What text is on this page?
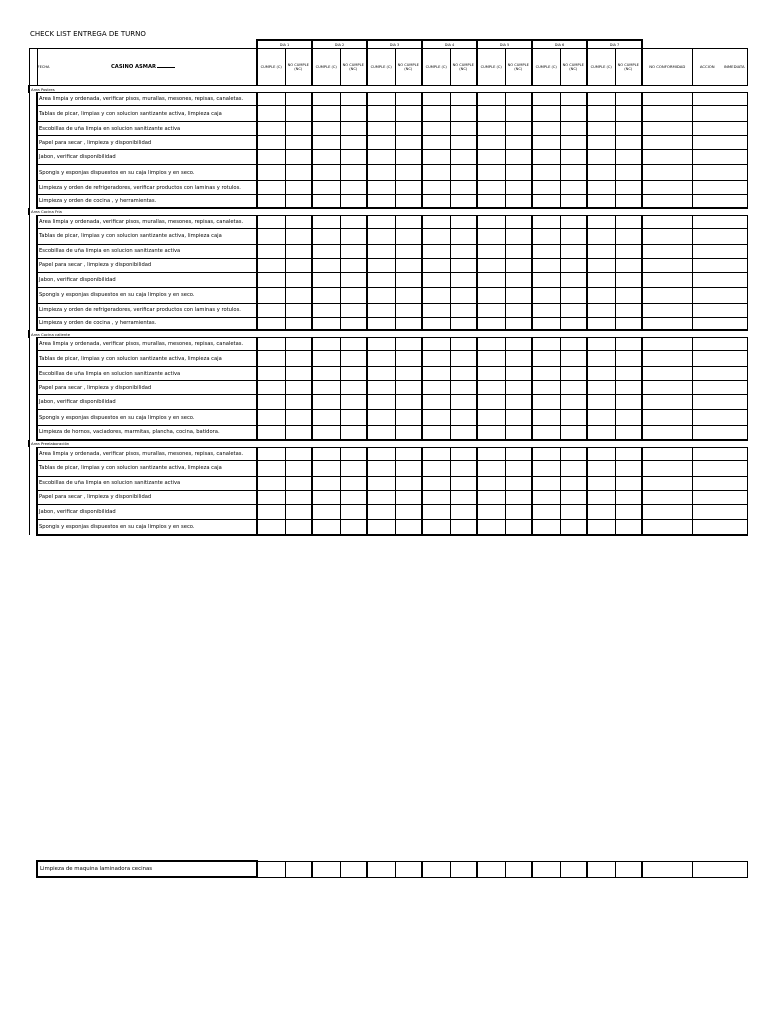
CHECK LIST ENTREGA DE TURNO
			DIA 1		DIA 2		DIA 3		DIA 4		DIA 5		DIA 6		DIA 7				
	FECHA	CASINO ASMAR	CUMPLE (C)	NO CUMPLE (NC)	CUMPLE (C)	NO CUMPLE (NC)	CUMPLE (C)	NO CUMPLE (NC)	CUMPLE (C)	NO CUMPLE (NC)	CUMPLE (C)	NO CUMPLE (NC)	CUMPLE (C)	NO CUMPLE (NC)	CUMPLE (C)	NO CUMPLE (NC)	NO CONFORMIDAD	ACCION	INMEDIATA
Area Postres																			
	Area limpia y ordenada, verificar pisos, murallas, mesones, repisas, canaletas.																		
	Tablas de picar, limpias y con solucion santizante activa, limpieza caja																		
	Escobillas de uña limpia en solucion sanitizante activa																		
	Papel para secar , limpieza y disponibilidad																		
	Jabon, verificar disponibilidad																		
	Spongis y esponjas dispuestos en su caja limpios y en seco.																		
	Limpieza y orden de refrigeradores, verificar productos con laminas y rotulos.																		
	Limpieza y orden de cocina , y herramientas.																		
Area Cocina Fria																			
	Area limpia y ordenada, verificar pisos, murallas, mesones, repisas, canaletas.																		
	Tablas de picar, limpias y con solucion santizante activa, limpieza caja																		
	Escobillas de uña limpia en solucion sanitizante activa																		
	Papel para secar , limpieza y disponibilidad																		
	Jabon, verificar disponibilidad																		
	Spongis y esponjas dispuestos en su caja limpios y en seco.																		
	Limpieza y orden de refrigeradores, verificar productos con laminas y rotulos.																		
	Limpieza y orden de cocina , y herramientas.																		
Area Cocina caliente																			
	Area limpia y ordenada, verificar pisos, murallas, mesones, repisas, canaletas.																		
	Tablas de picar, limpias y con solucion santizante activa, limpieza caja																		
	Escobillas de uña limpia en solucion sanitizante activa																		
	Papel para secar , limpieza y disponibilidad																		
	Jabon, verificar disponibilidad																		
	Spongis y esponjas dispuestos en su caja limpios y en seco.																		
	Limpieza de hornos, vaciadores, marmitas, plancha, cocina, batidora.																		
Area Preelaboración																			
	Area limpia y ordenada, verificar pisos, murallas, mesones, repisas, canaletas.																		
	Tablas de picar, limpias y con solucion santizante activa, limpieza caja																		
	Escobillas de uña limpia en solucion sanitizante activa																		
	Papel para secar , limpieza y disponibilidad																		
	Jabon, verificar disponibilidad																		
	Spongis y esponjas dispuestos en su caja limpios y en seco.																		
Limpieza de maquina laminadora cecinas																
